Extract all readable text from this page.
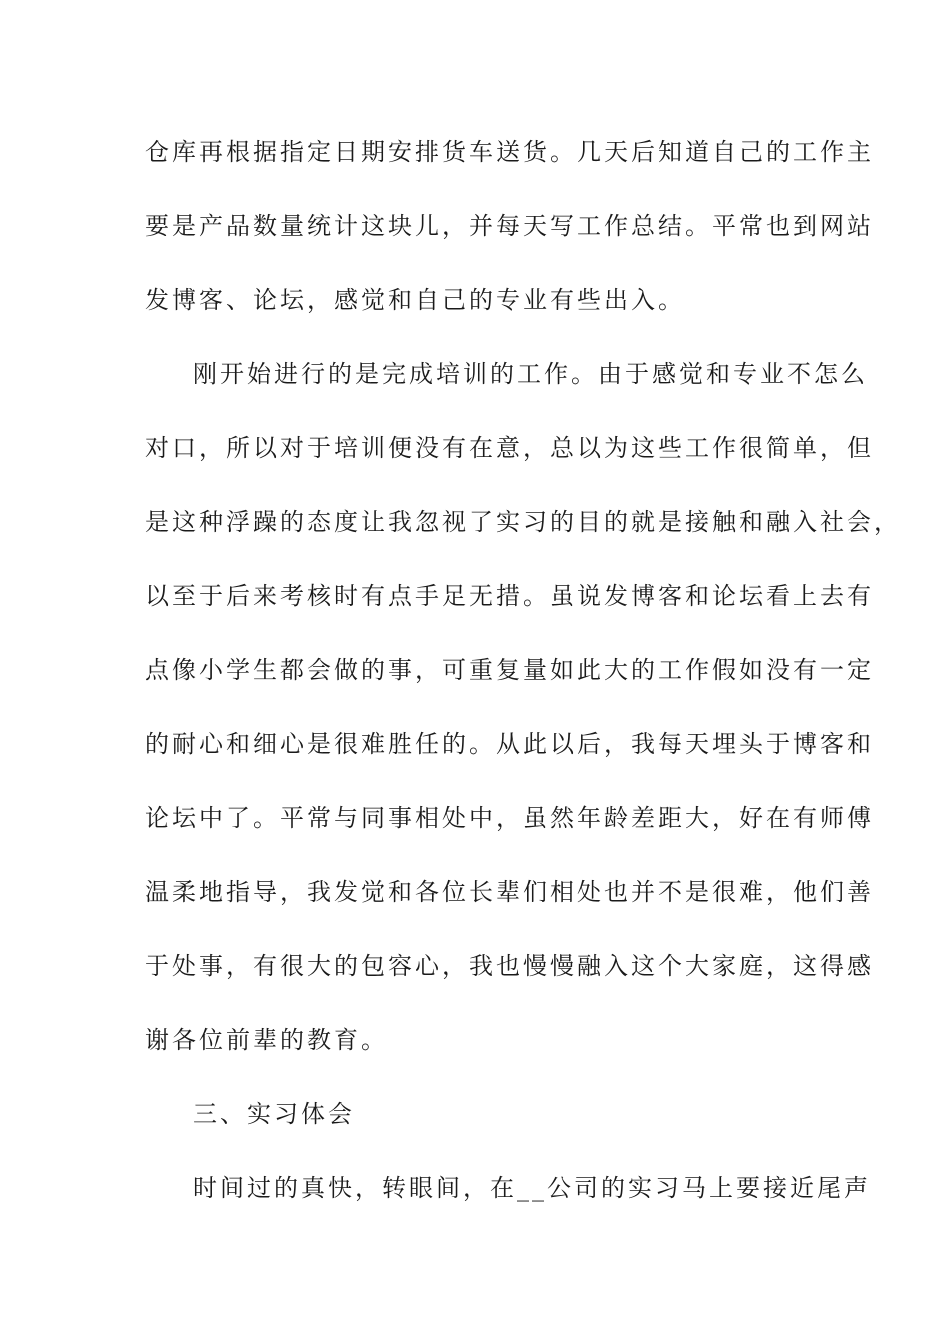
仓库再根据指定日期安排货车送货。几天后知道自己的工作主
要是产品数量统计这块儿，并每天写工作总结。平常也到网站
发博客、论坛，感觉和自己的专业有些出入。
刚开始进行的是完成培训的工作。由于感觉和专业不怎么
对口，所以对于培训便没有在意，总以为这些工作很简单，但
是这种浮躁的态度让我忽视了实习的目的就是接触和融入社会，
以至于后来考核时有点手足无措。虽说发博客和论坛看上去有
点像小学生都会做的事，可重复量如此大的工作假如没有一定
的耐心和细心是很难胜任的。从此以后，我每天埋头于博客和
论坛中了。平常与同事相处中，虽然年龄差距大，好在有师傅
温柔地指导，我发觉和各位长辈们相处也并不是很难，他们善
于处事，有很大的包容心，我也慢慢融入这个大家庭，这得感
谢各位前辈的教育。
三、实习体会
时间过的真快，转眼间，在__公司的实习马上要接近尾声
